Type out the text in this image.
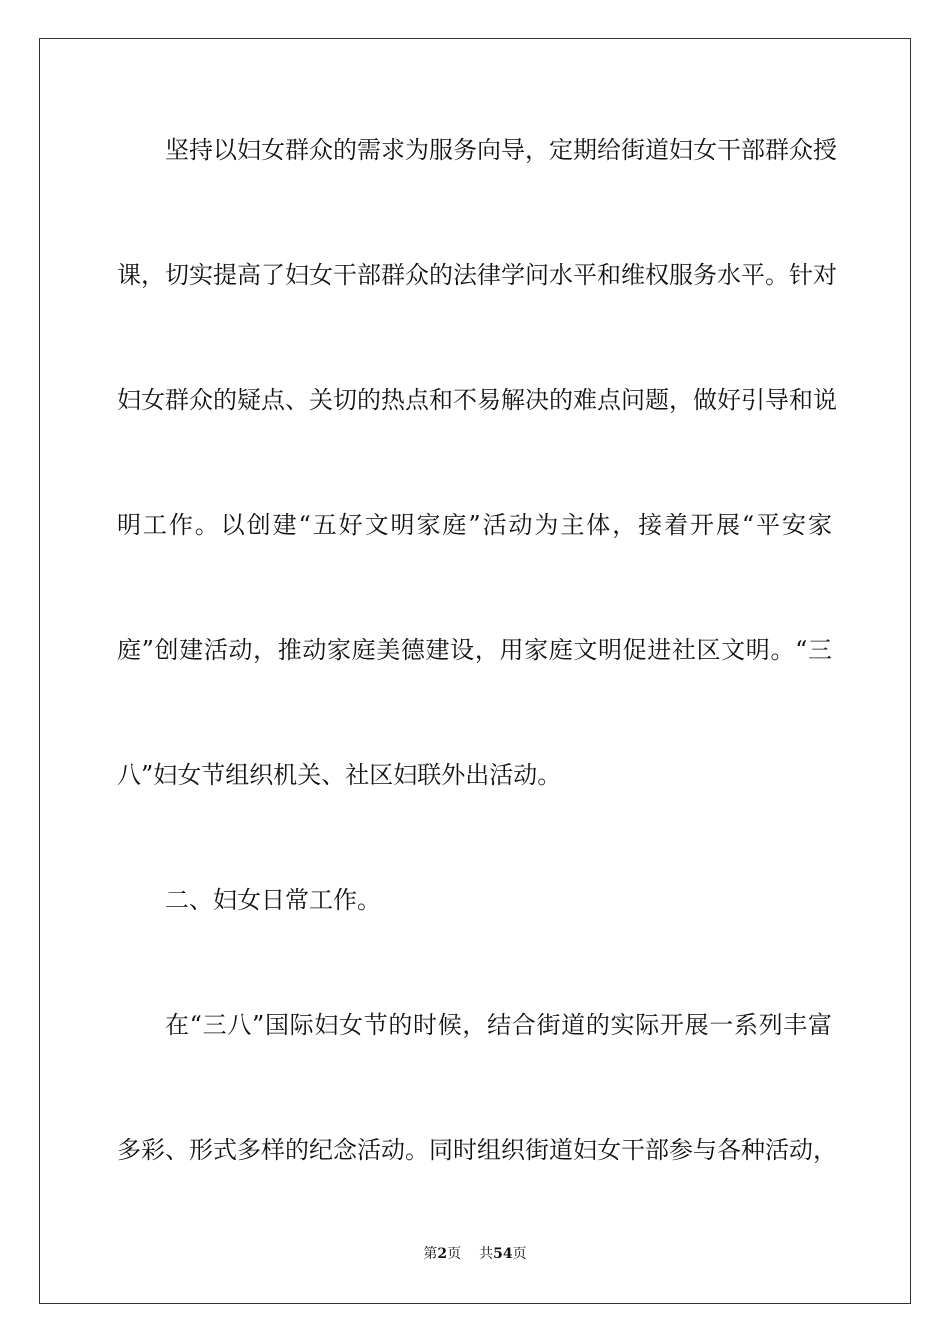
坚持以妇女群众的需求为服务向导，定期给街道妇女干部群众授
课，切实提高了妇女干部群众的法律学问水平和维权服务水平。针对
妇女群众的疑点、关切的热点和不易解决的难点问题，做好引导和说
明工作。以创建“五好文明家庭”活动为主体，接着开展“平安家
庭”创建活动，推动家庭美德建设，用家庭文明促进社区文明。“三
八”妇女节组织机关、社区妇联外出活动。
二、妇女日常工作。
在“三八”国际妇女节的时候，结合街道的实际开展一系列丰富
多彩、形式多样的纪念活动。同时组织街道妇女干部参与各种活动，
第2页 共54页
